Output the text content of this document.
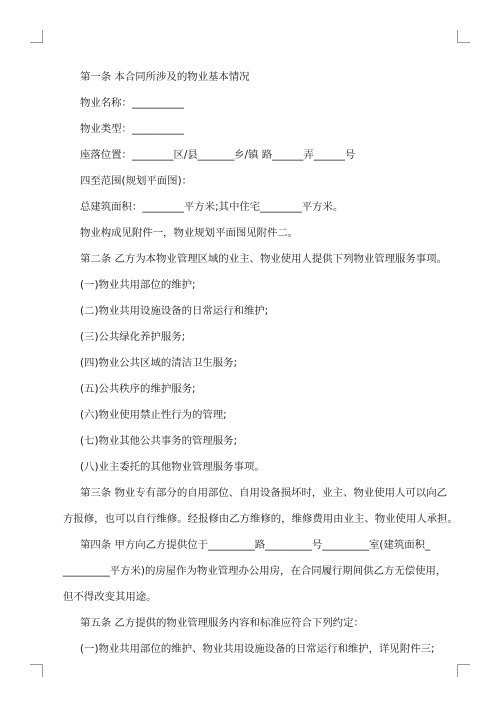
第一条 本合同所涉及的物业基本情况
物业名称：__________
物业类型：__________
座落位置：________区/县_______乡/镇 路______弄______号
四至范围(规划平面图)：
总建筑面积：________平方米;其中住宅________平方米。
物业构成见附件一，物业规划平面图见附件二。
第二条 乙方为本物业管理区域的业主、物业使用人提供下列物业管理服务事项。
(一)物业共用部位的维护;
(二)物业共用设施设备的日常运行和维护;
(三)公共绿化养护服务;
(四)物业公共区域的清洁卫生服务;
(五)公共秩序的维护服务;
(六)物业使用禁止性行为的管理;
(七)物业其他公共事务的管理服务;
(八)业主委托的其他物业管理服务事项。
第三条 物业专有部分的自用部位、自用设备损坏时，业主、物业使用人可以向乙
方报修，也可以自行维修。经报修由乙方维修的，维修费用由业主、物业使用人承担。
第四条 甲方向乙方提供位于_________路_________号_________室(建筑面积_
_________平方米)的房屋作为物业管理办公用房，在合同履行期间供乙方无偿使用，
但不得改变其用途。
第五条 乙方提供的物业管理服务内容和标准应符合下列约定：
(一)物业共用部位的维护、物业共用设施设备的日常运行和维护，详见附件三;
